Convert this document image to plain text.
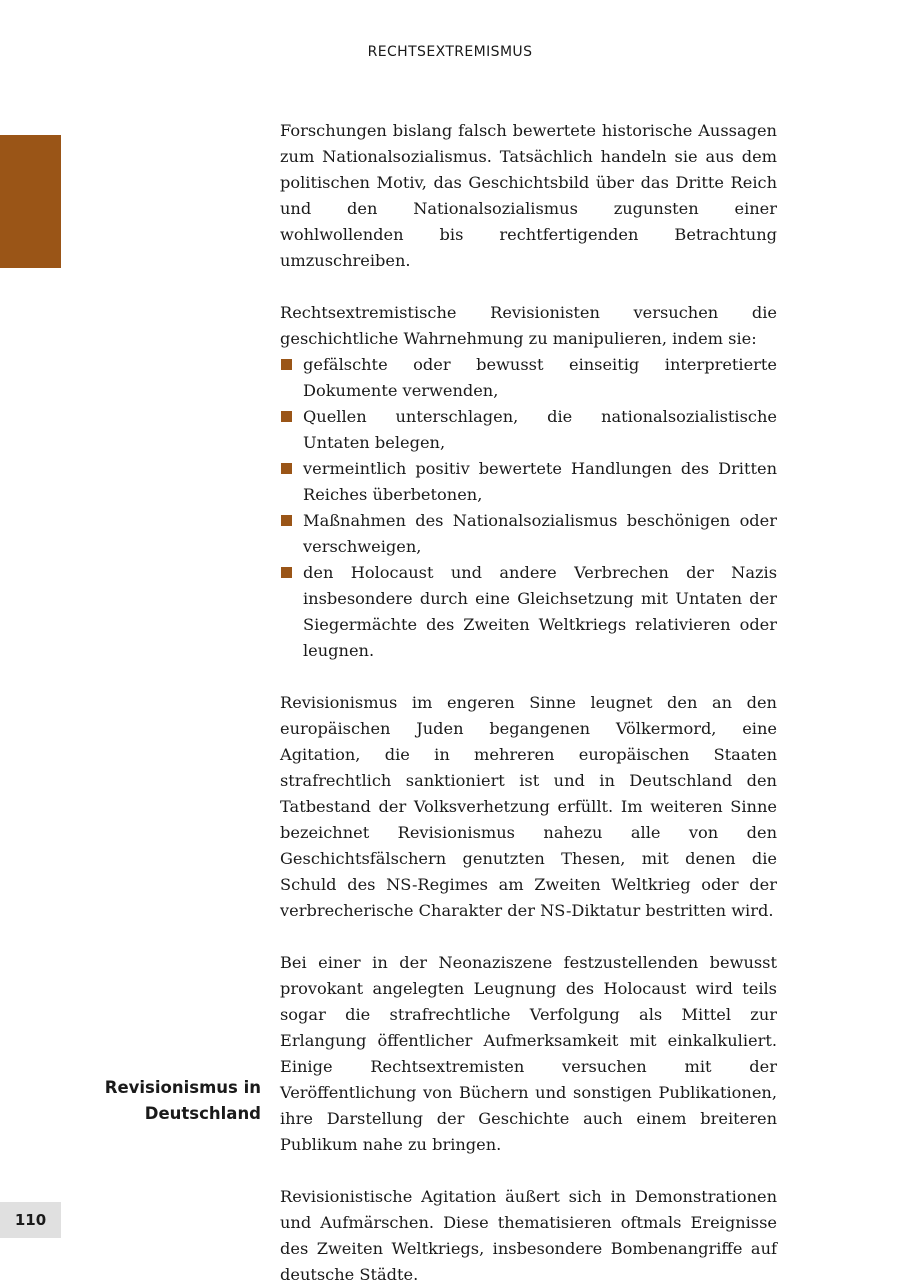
RECHTSEXTREMISMUS

Forschungen bislang falsch bewertete historische Aussagen zum Nationalsozialismus. Tatsächlich handeln sie aus dem politischen Motiv, das Geschichtsbild über das Dritte Reich und den Nationalsozialismus zugunsten einer wohlwollenden bis rechtfertigenden Betrachtung umzuschreiben.

Rechtsextremistische Revisionisten versuchen die geschichtliche Wahrnehmung zu manipulieren, indem sie:

gefälschte oder bewusst einseitig interpretierte Dokumente verwenden,
Quellen unterschlagen, die nationalsozialistische Untaten belegen,
vermeintlich positiv bewertete Handlungen des Dritten Reiches überbetonen,
Maßnahmen des Nationalsozialismus beschönigen oder verschweigen,
den Holocaust und andere Verbrechen der Nazis insbesondere durch eine Gleichsetzung mit Untaten der Siegermächte des Zweiten Weltkriegs relativieren oder leugnen.

Revisionismus im engeren Sinne leugnet den an den europäischen Juden begangenen Völkermord, eine Agitation, die in mehreren europäischen Staaten strafrechtlich sanktioniert ist und in Deutschland den Tatbestand der Volksverhetzung erfüllt. Im weiteren Sinne bezeichnet Revisionismus nahezu alle von den Geschichtsfälschern genutzten Thesen, mit denen die Schuld des NS-Regimes am Zweiten Weltkrieg oder der verbrecherische Charakter der NS-Diktatur bestritten wird.

Bei einer in der Neonaziszene festzustellenden bewusst provokant angelegten Leugnung des Holocaust wird teils sogar die strafrechtliche Verfolgung als Mittel zur Erlangung öffentlicher Aufmerksamkeit mit einkalkuliert. Einige Rechtsextremisten versuchen mit der Veröffentlichung von Büchern und sonstigen Publikationen, ihre Darstellung der Geschichte auch einem breiteren Publikum nahe zu bringen.

Revisionistische Agitation äußert sich in Demonstrationen und Aufmärschen. Diese thematisieren oftmals Ereignisse des Zweiten Weltkriegs, insbesondere Bombenangriffe auf deutsche Städte.

Revisionismus in
Deutschland
110
